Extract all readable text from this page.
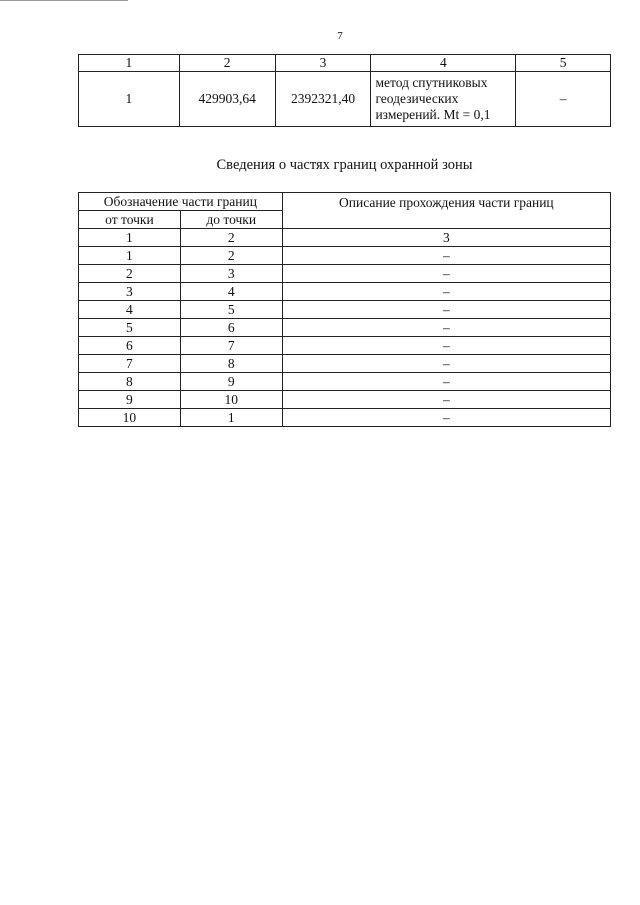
7
1	2	3	4	5
1	429903,64	2392321,40	метод спутниковых
геодезических
измерений. Mt = 0,1	–
Сведения о частях границ охранной зоны
Обозначение части границ		Описание прохождения части границ
от точки	до точки	
1	2	3
1	2	–
2	3	–
3	4	–
4	5	–
5	6	–
6	7	–
7	8	–
8	9	–
9	10	–
10	1	–
